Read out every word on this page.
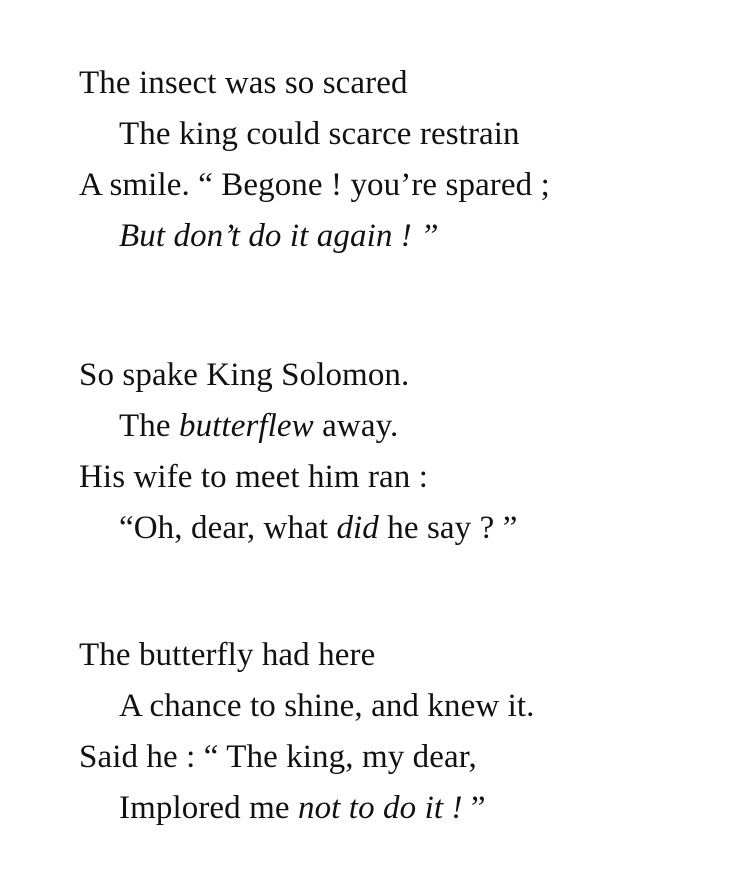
The insect was so scared
The king could scarce restrain
A smile. “ Begone ! you’re spared ;
But don’t do it again ! ”
So spake King Solomon.
The butterflew away.
His wife to meet him ran :
“Oh, dear, what did he say ? ”
The butterfly had here
A chance to shine, and knew it.
Said he : “ The king, my dear,
Implored me not to do it ! ”
